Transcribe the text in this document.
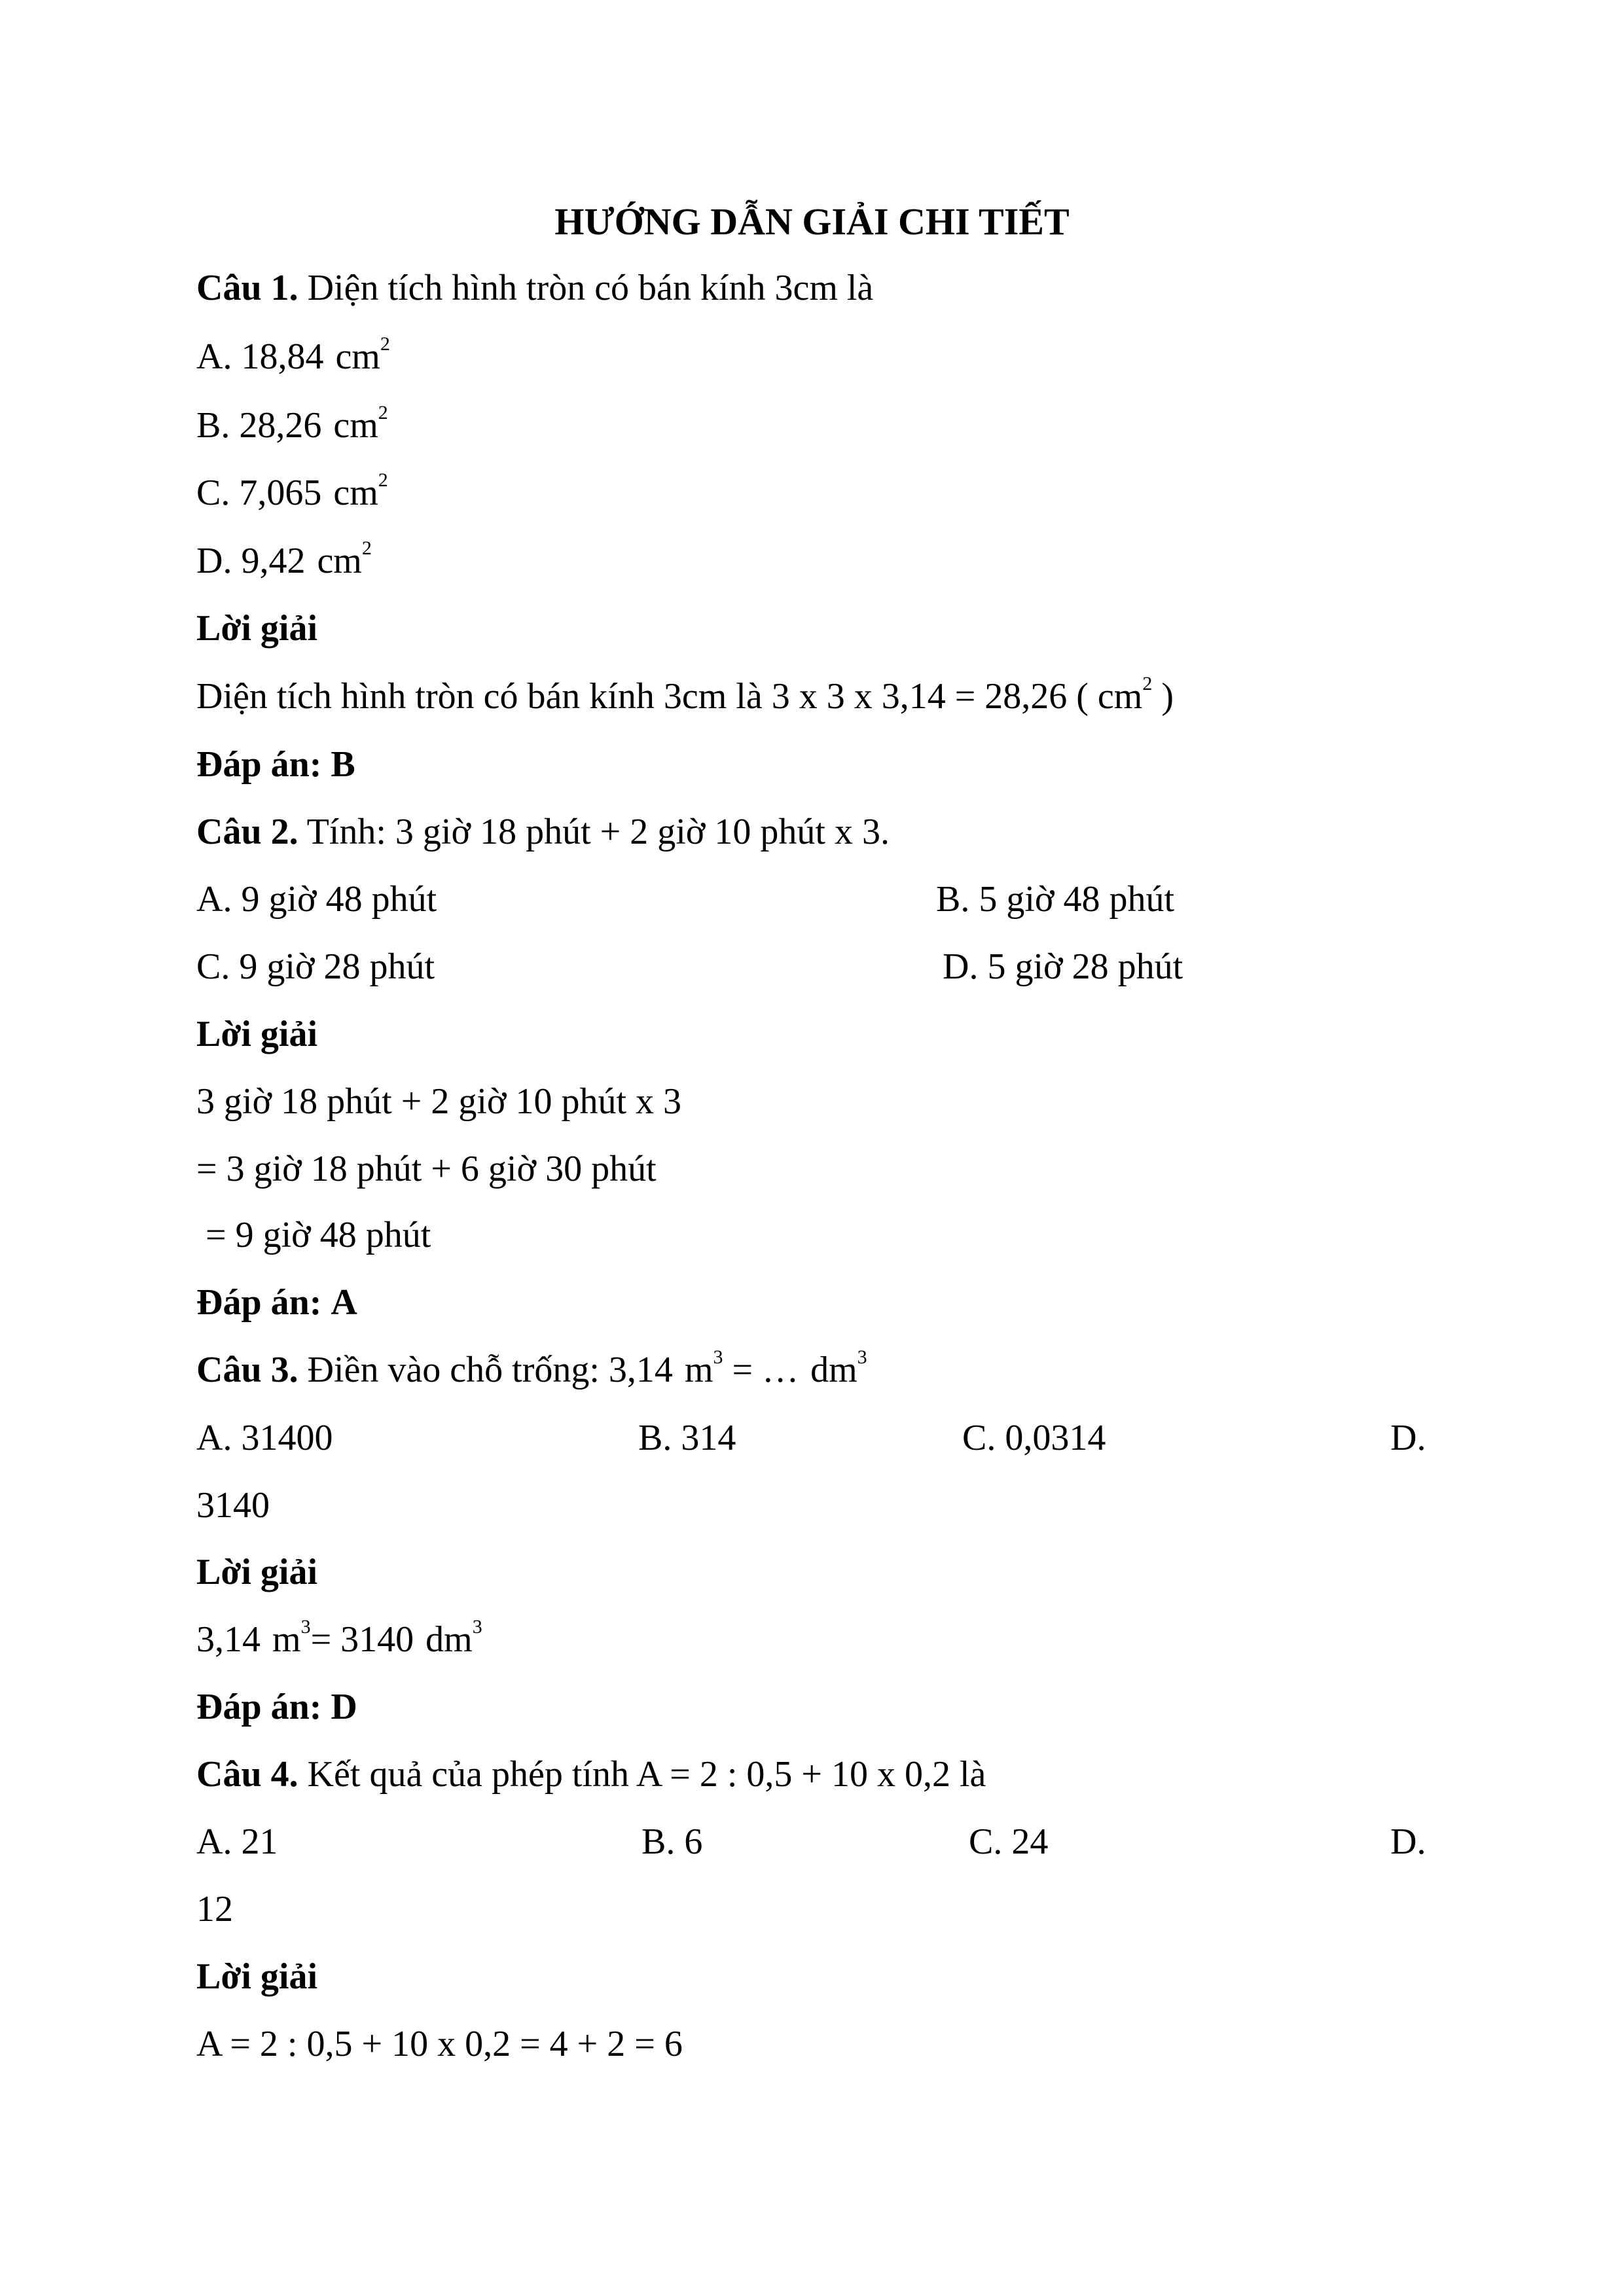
HƯỚNG DẪN GIẢI CHI TIẾT
Câu 1. Diện tích hình tròn có bán kính 3cm là
A. 18,84 $cm^2$
B. 28,26 $cm^2$
C. 7,065 $cm^2$
D. 9,42 $cm^2$
Lời giải
Diện tích hình tròn có bán kính 3cm là 3 x 3 x 3,14 = 28,26 ( $cm^2$ )
Đáp án: B
Câu 2. Tính: 3 giờ 18 phút + 2 giờ 10 phút x 3.
A. 9 giờ 48 phút	B. 5 giờ 48 phút
C. 9 giờ 28 phút	D. 5 giờ 28 phút
Lời giải
3 giờ 18 phút + 2 giờ 10 phút x 3
= 3 giờ 18 phút + 6 giờ 30 phút
= 9 giờ 48 phút
Đáp án: A
Câu 3. Điền vào chỗ trống: 3,14 $m^3$ = … $dm^3$
A. 31400	B. 314	C. 0,0314	D.
3140
Lời giải
3,14 $m^3= 3140$ $dm^3$
Đáp án: D
Câu 4. Kết quả của phép tính A = 2 : 0,5 + 10 x 0,2 là
A. 21	B. 6	C. 24	D.
12
Lời giải
A = 2 : 0,5 + 10 x 0,2 = 4 + 2 = 6
